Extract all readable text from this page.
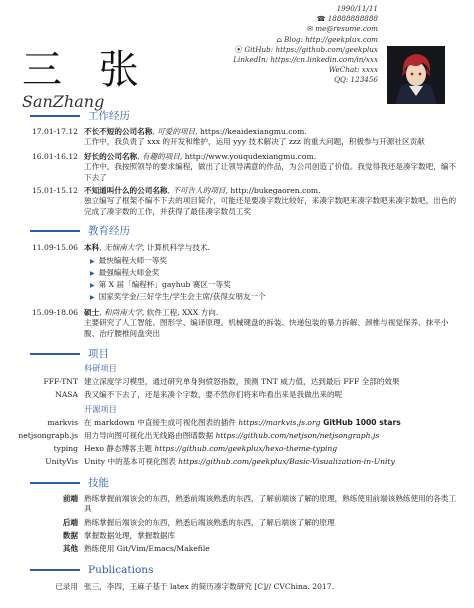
三 张
SanZhang
1990/11/11
☎ 18888888888
✉ me@resume.com
⌂ Blog: http://geekplux.com
⦿ GitHub: https://github.com/geekplux
LinkedIn: https://cn.linkedin.com/in/xxx
WeChat: xxxx
QQ: 123456
工作经历
17.01-17.12 不长不短的公司名称, 可爱的项目, https://keaidexiangmu.com.
工作中，我负责了 xxx 的开发和维护，运用 yyy 技术解决了 zzz 的重大问题，积极参与开源社区贡献
16.01-16.12 好长的公司名称, 有趣的项目, http://www.youqudexiangmu.com.
工作中，我按照领导的要求编程，做出了让领导满意的作品，为公司创造了价值。我觉得我还是凑字数吧，编不下去了
15.01-15.12 不知道叫什么的公司名称, 不可告人的项目, http://bukegaoren.com.
独立编写了框架不编不下去的项目简介，可能还是要凑字数比较好，来凑字数吧来凑字数吧来凑字数吧，出色的完成了凑字数的工作，并获得了最佳凑字数员工奖
教育经历
11.09-15.06 本科, 无恼南大学, 计算机科学与技术.
▶ 最快编程大师一等奖
▶ 最强编程大师金奖
▶ 第 X 届「编程杯」gayhub 赛区一等奖
▶ 国家奖学金/三好学生/学生会主席/获得女朋友一个
15.09-18.06 硕士, 和尚南大学, 软件工程, XXX 方向.
主要研究了人工智能、图形学、编译原理、机械键盘的拆装、快递包装的暴力拆解、颈椎与视觉保养、抹平小腹、治疗腰椎间盘突出
项目
科研项目
FFF-TNT 建立深度学习模型，通过研究单身狗愤怒指数，预测 TNT 威力值，达到最后 FFF 全部的效果
NASA 我又编不下去了，还是来凑个字数，要不然你们将来咋看出来是我做出来的呢
开源项目
markvis 在 markdown 中直接生成可视化图表的插件 https://markvis.js.org GitHub 1000 stars
netjsongraph.js 用力导向图可视化出无线路由图谱数据 https://github.com/netjson/netjsongraph.js
typing Hexo 静态博客主题 https://github.com/geekplux/hexo-theme-typing
UnityVis Unity 中的基本可视化图表 https://github.com/geekplux/Basic-Visualization-in-Unity
技能
前端 熟练掌握前端该会的东西，熟悉前端该熟悉的东西，了解前端该了解的原理，熟练使用前端该熟练使用的各类工具
后端 熟练掌握后端该会的东西，熟悉后端该熟悉的东西，了解后端该了解的原理
数据 掌握数据处理，掌握数据库
其他 熟练使用 Git/Vim/Emacs/Makefile
Publications
已录用 张三，李四，王麻子基于 latex 的简历凑字数研究 [C]// CVChina. 2017.
